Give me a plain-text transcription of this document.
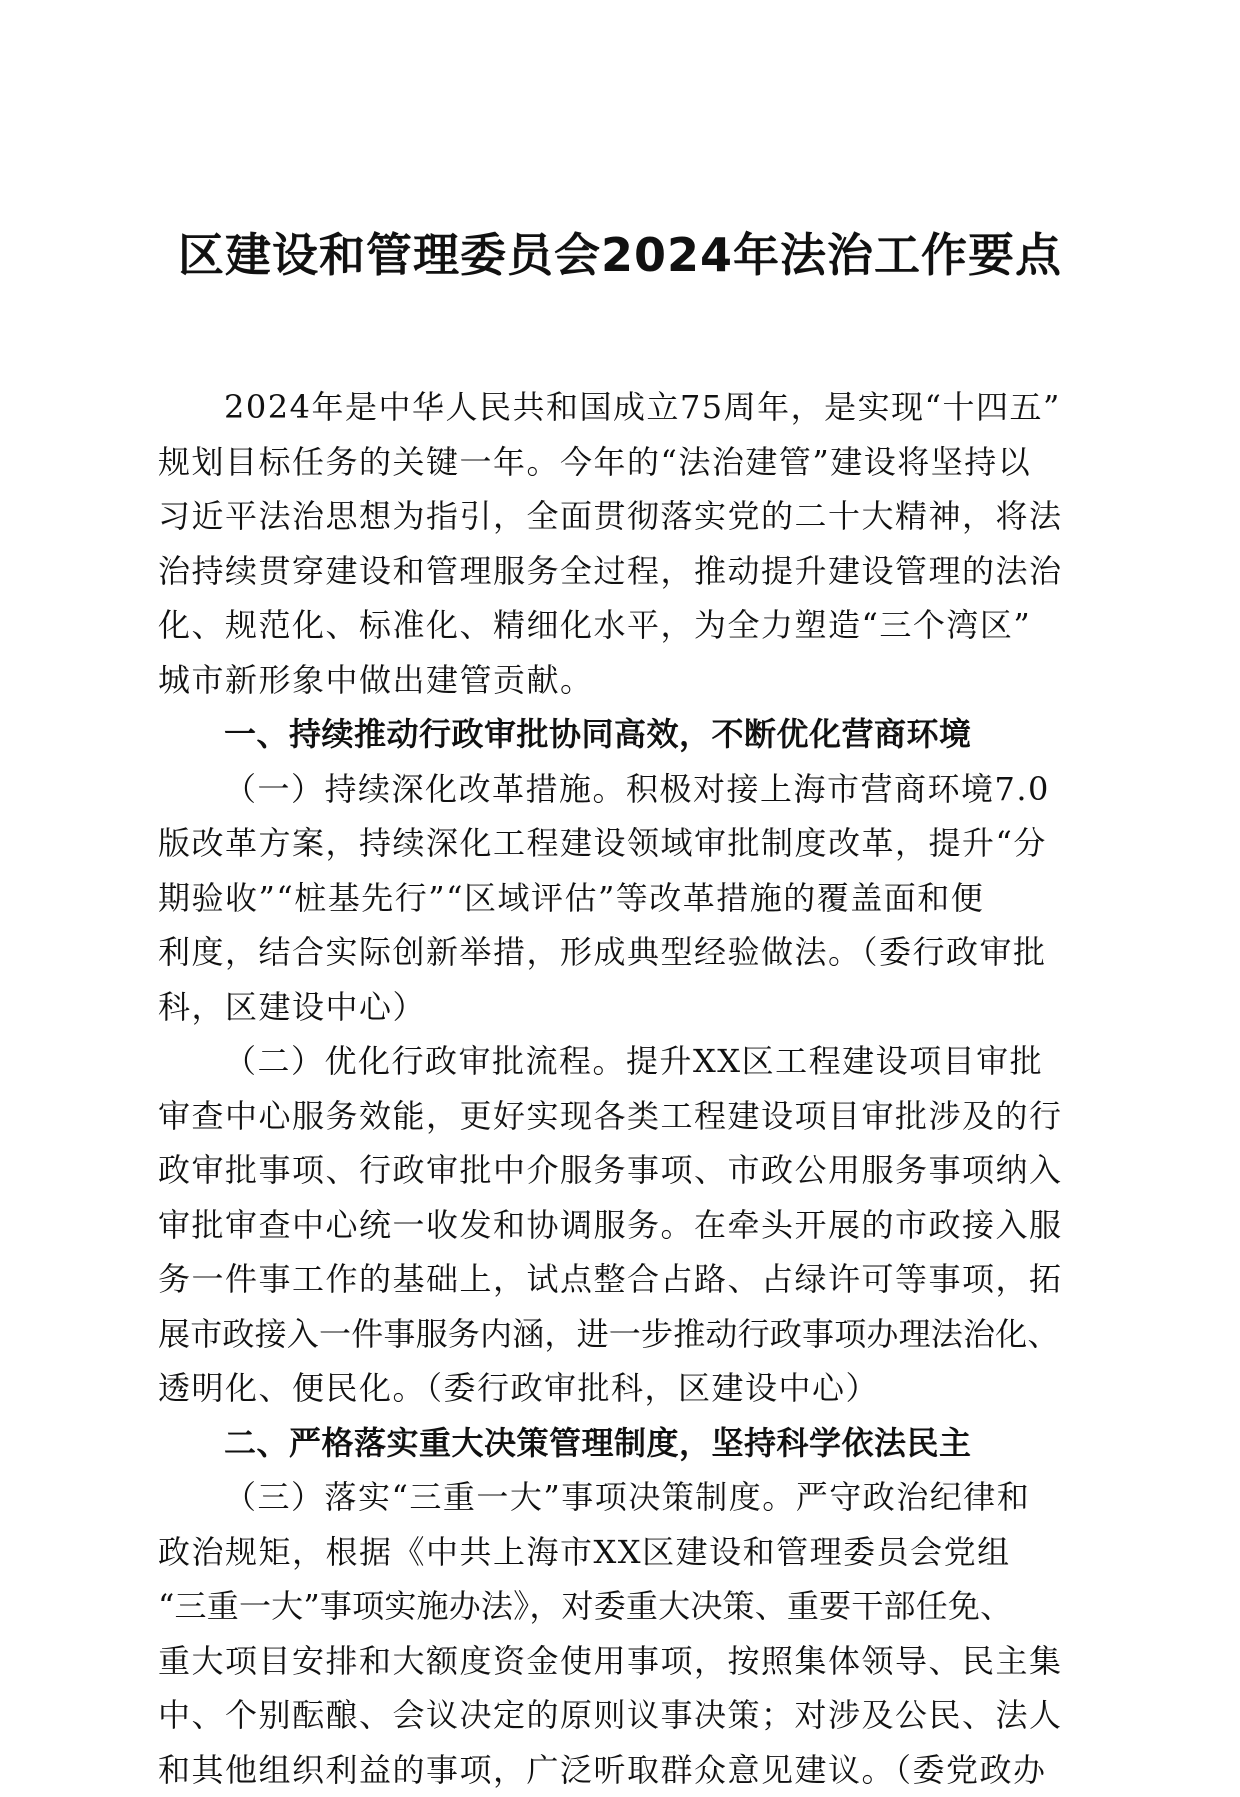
区建设和管理委员会2024年法治工作要点
2024年是中华人民共和国成立75周年，是实现“十四五”
规划目标任务的关键一年。今年的“法治建管”建设将坚持以
习近平法治思想为指引，全面贯彻落实党的二十大精神，将法
治持续贯穿建设和管理服务全过程，推动提升建设管理的法治
化、规范化、标准化、精细化水平，为全力塑造“三个湾区”
城市新形象中做出建管贡献。
一、持续推动行政审批协同高效，不断优化营商环境
（一）持续深化改革措施。积极对接上海市营商环境7.0
版改革方案，持续深化工程建设领域审批制度改革，提升“分
期验收”“桩基先行”“区域评估”等改革措施的覆盖面和便
利度，结合实际创新举措，形成典型经验做法。（委行政审批
科，区建设中心）
（二）优化行政审批流程。提升XX区工程建设项目审批
审查中心服务效能，更好实现各类工程建设项目审批涉及的行
政审批事项、行政审批中介服务事项、市政公用服务事项纳入
审批审查中心统一收发和协调服务。在牵头开展的市政接入服
务一件事工作的基础上，试点整合占路、占绿许可等事项，拓
展市政接入一件事服务内涵，进一步推动行政事项办理法治化、
透明化、便民化。（委行政审批科，区建设中心）
二、严格落实重大决策管理制度，坚持科学依法民主
（三）落实“三重一大”事项决策制度。严守政治纪律和
政治规矩，根据《中共上海市XX区建设和管理委员会党组
“三重一大”事项实施办法》，对委重大决策、重要干部任免、
重大项目安排和大额度资金使用事项，按照集体领导、民主集
中、个别酝酿、会议决定的原则议事决策；对涉及公民、法人
和其他组织利益的事项，广泛听取群众意见建议。（委党政办
